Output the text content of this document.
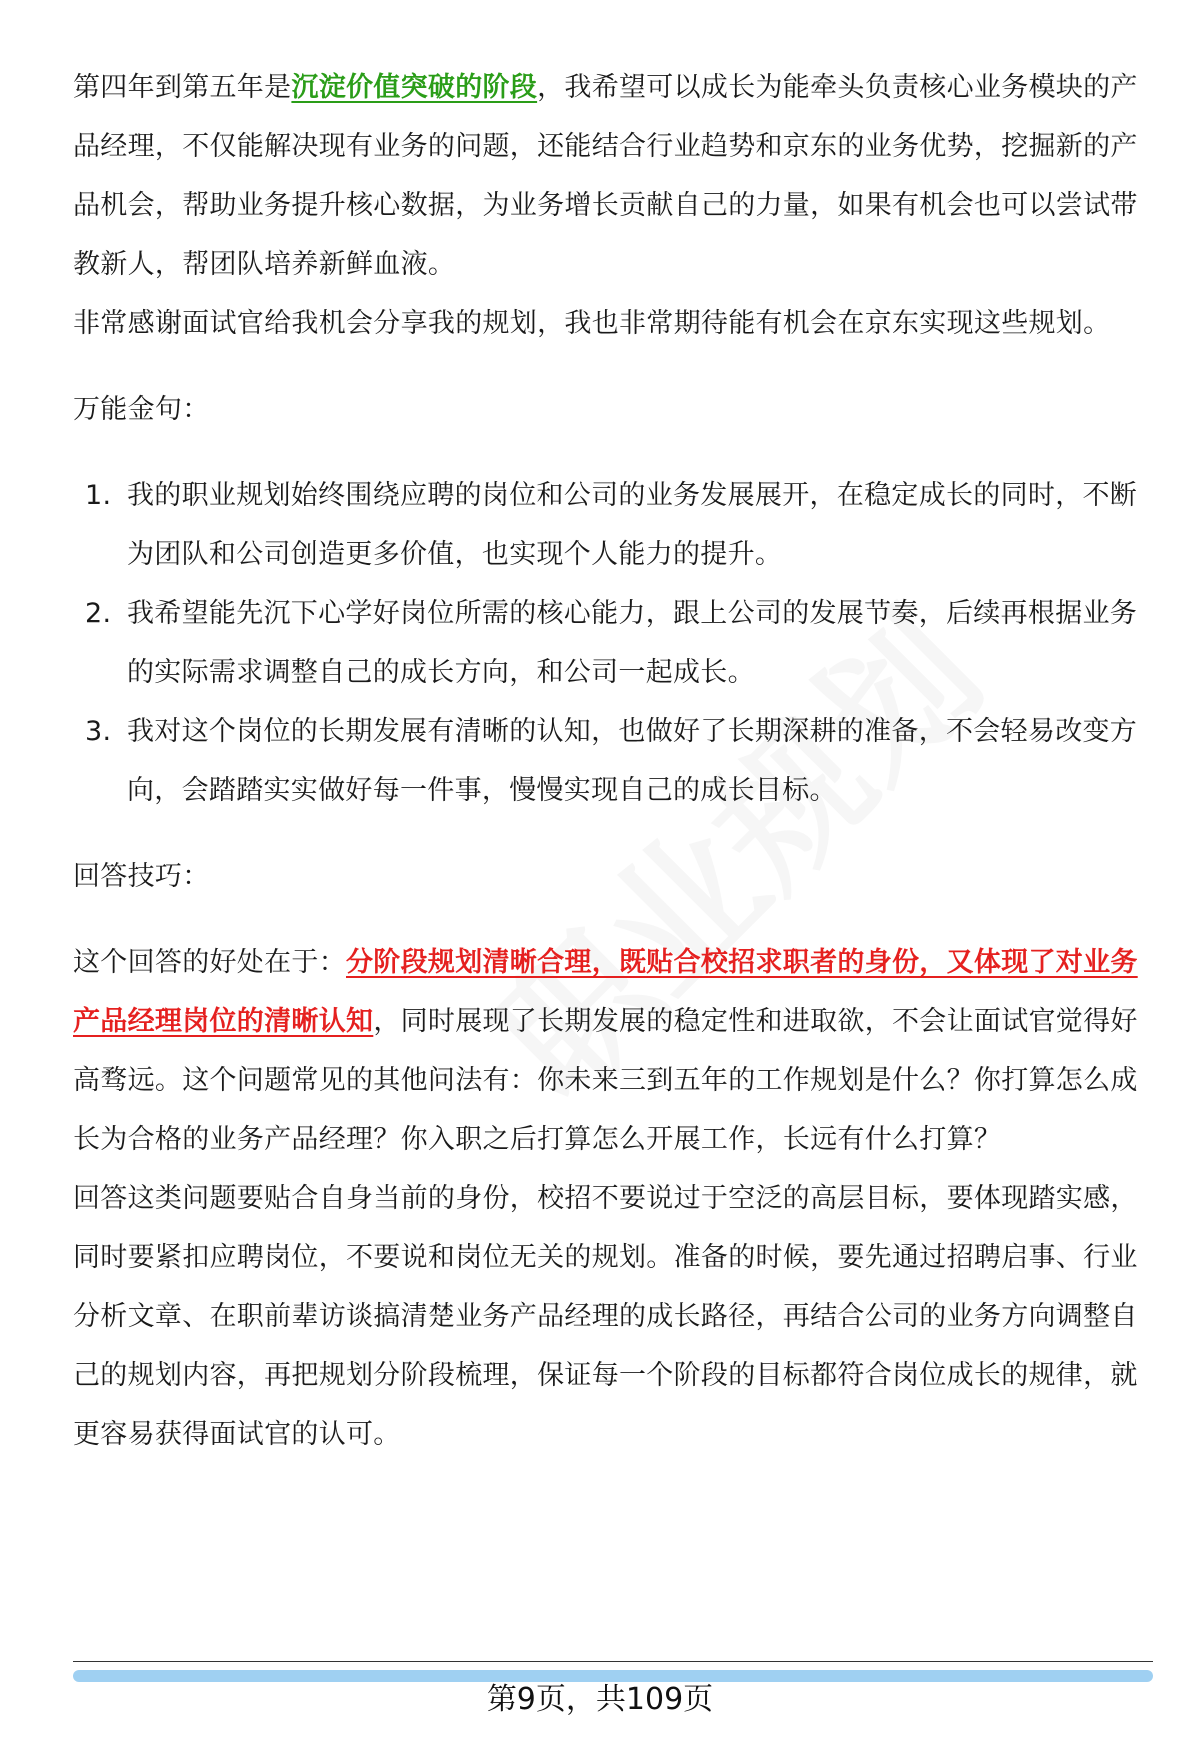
第四年到第五年是沉淀价值突破的阶段，我希望可以成长为能牵头负责核心业务模块的产品经理，不仅能解决现有业务的问题，还能结合行业趋势和京东的业务优势，挖掘新的产品机会，帮助业务提升核心数据，为业务增长贡献自己的力量，如果有机会也可以尝试带教新人，帮团队培养新鲜血液。

非常感谢面试官给我机会分享我的规划，我也非常期待能有机会在京东实现这些规划。

万能金句：

1. 我的职业规划始终围绕应聘的岗位和公司的业务发展展开，在稳定成长的同时，不断为团队和公司创造更多价值，也实现个人能力的提升。
2. 我希望能先沉下心学好岗位所需的核心能力，跟上公司的发展节奏，后续再根据业务的实际需求调整自己的成长方向，和公司一起成长。
3. 我对这个岗位的长期发展有清晰的认知，也做好了长期深耕的准备，不会轻易改变方向，会踏踏实实做好每一件事，慢慢实现自己的成长目标。

回答技巧：

这个回答的好处在于：分阶段规划清晰合理，既贴合校招求职者的身份，又体现了对业务产品经理岗位的清晰认知，同时展现了长期发展的稳定性和进取欲，不会让面试官觉得好高骛远。这个问题常见的其他问法有：你未来三到五年的工作规划是什么？你打算怎么成长为合格的业务产品经理？你入职之后打算怎么开展工作，长远有什么打算？

回答这类问题要贴合自身当前的身份，校招不要说过于空泛的高层目标，要体现踏实感，同时要紧扣应聘岗位，不要说和岗位无关的规划。准备的时候，要先通过招聘启事、行业分析文章、在职前辈访谈搞清楚业务产品经理的成长路径，再结合公司的业务方向调整自己的规划内容，再把规划分阶段梳理，保证每一个阶段的目标都符合岗位成长的规律，就更容易获得面试官的认可。

第9页，共109页
